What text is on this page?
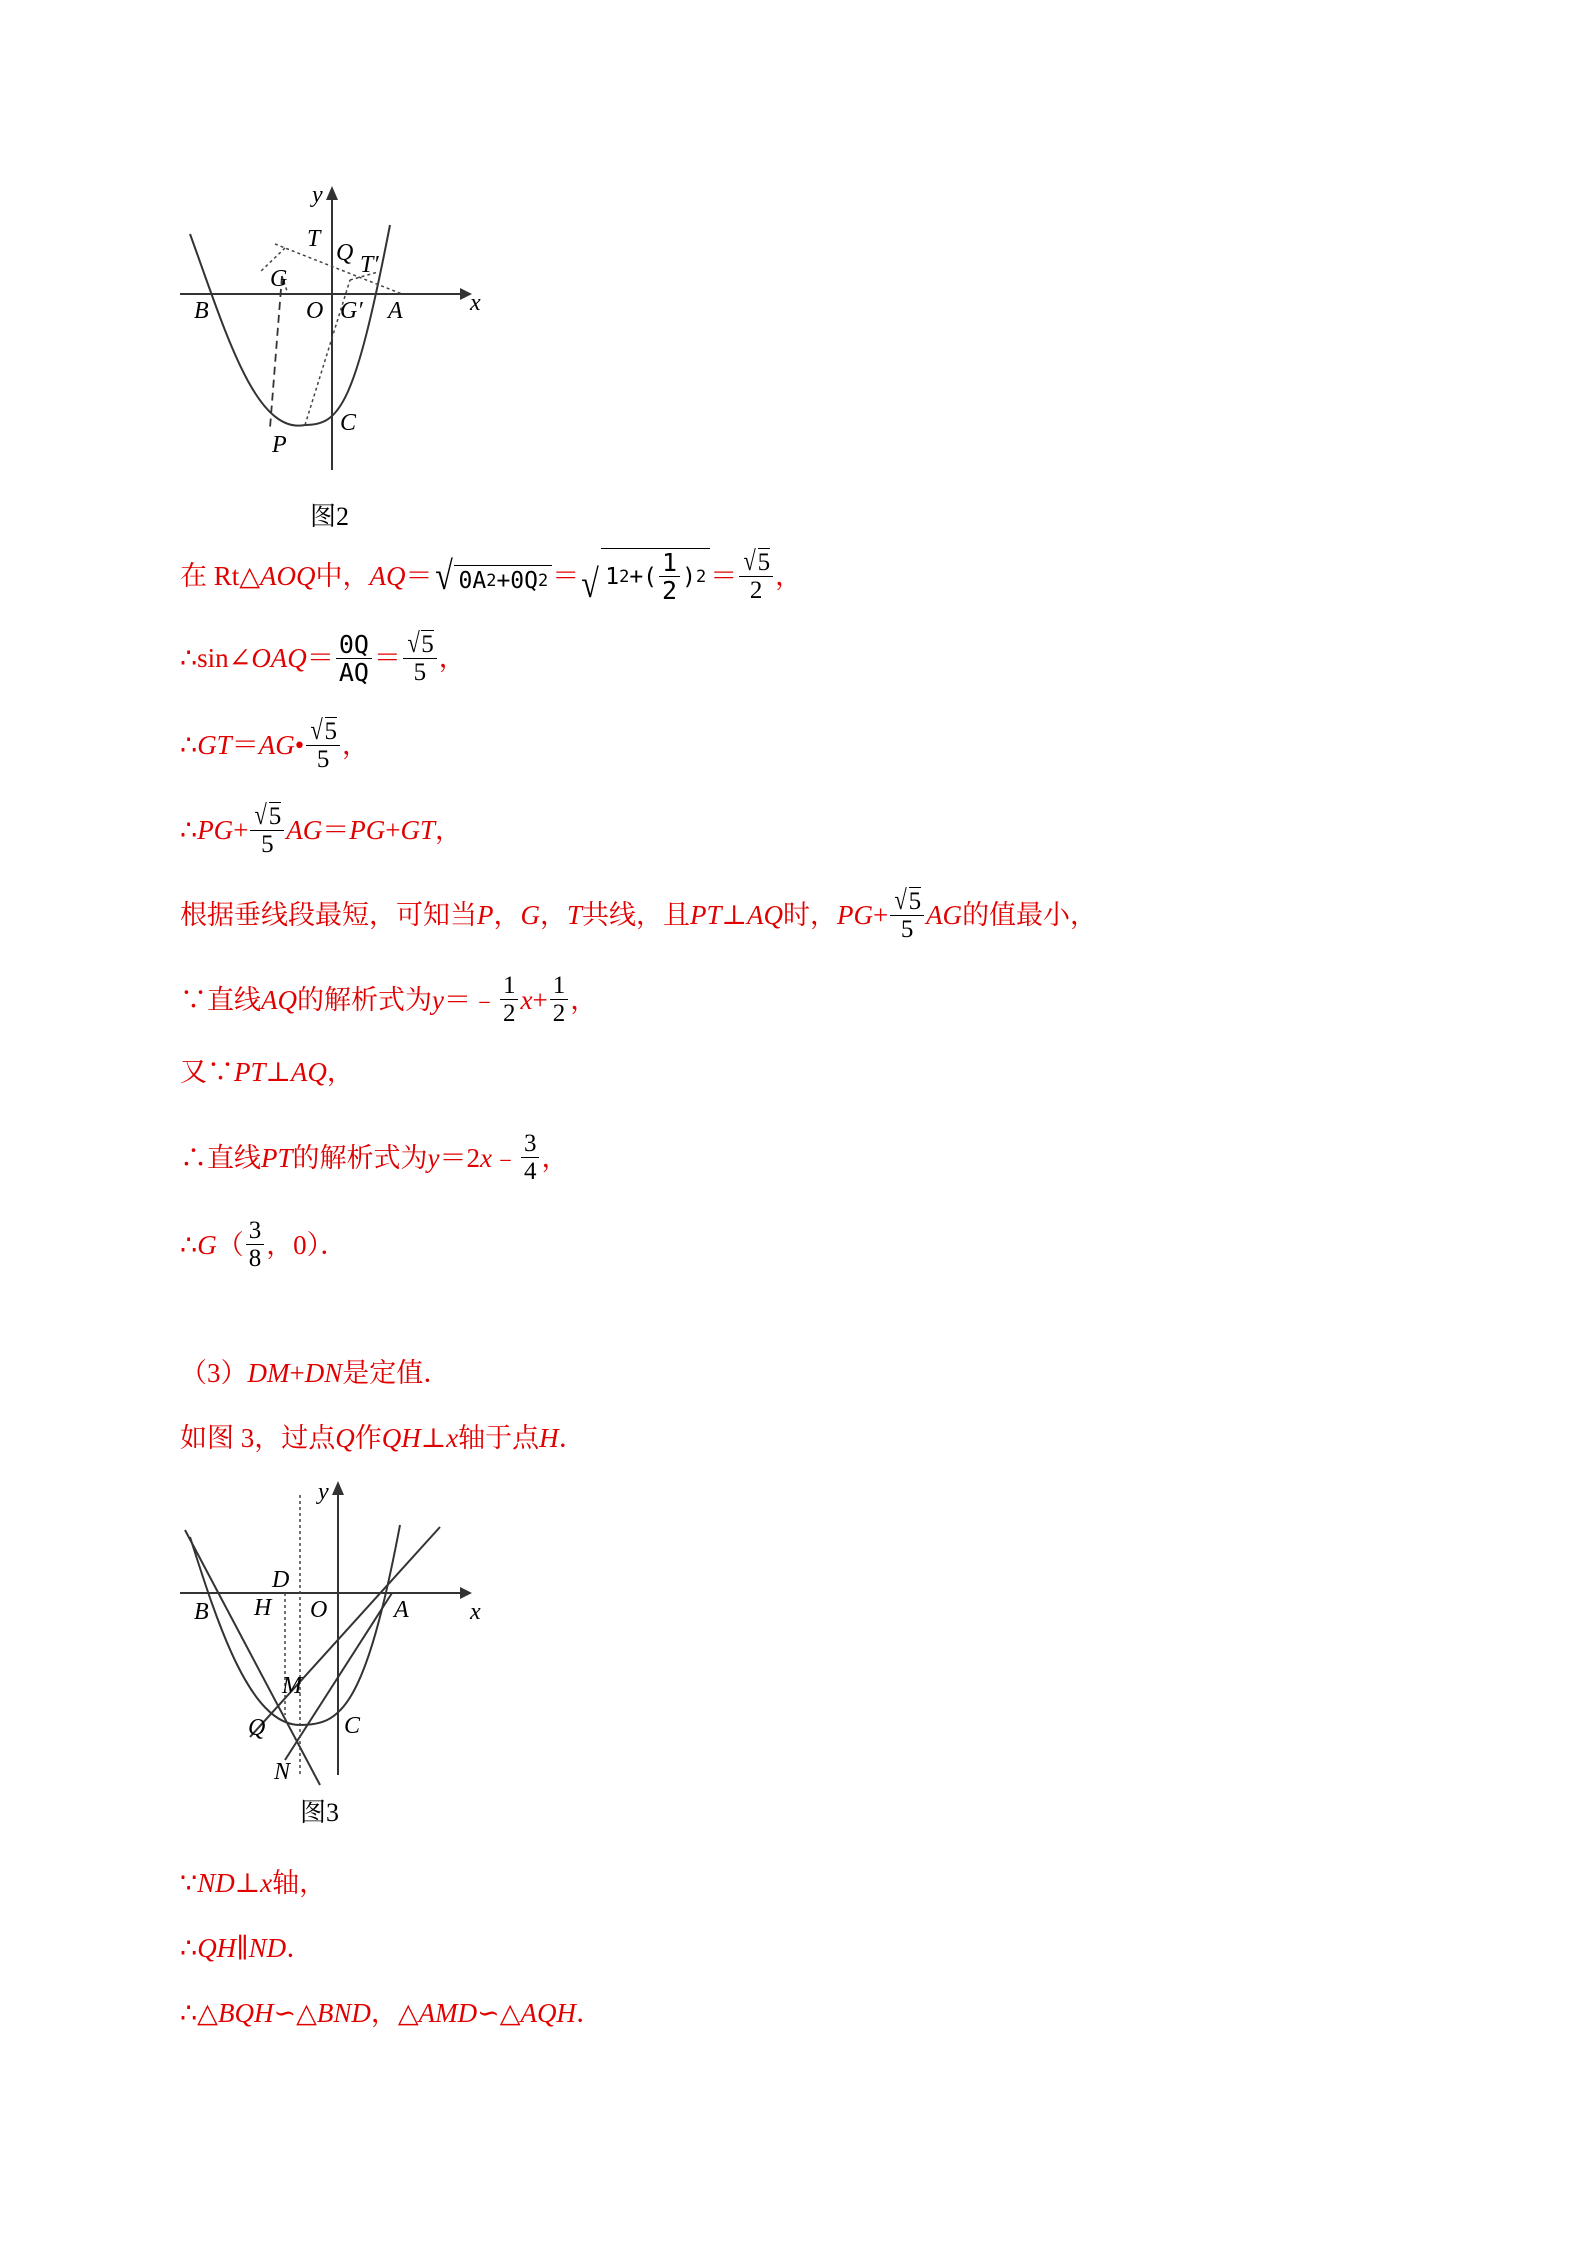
y
x
T
Q T′
G
O G′ A
B
C
P
图2
在 Rt△ AOQ 中， AQ ＝ √ 0A 2 + 0Q 2 ＝ √ 1 2 +( $\frac{1}{2}$ ) $2 = \frac{√ 5}{2}$ ，
∴sin∠ OAQ ＝ $\frac{0Q}{AQ} = \frac{√ 5}{5}$ ，
∴ GT ＝ AG • $\frac{√ 5}{5}$ ，
∴ PG + $\frac{√ 5}{5}$ AG ＝ PG + GT ，
根据垂线段最短，可知当 P ， G ， T 共线，且 PT ⊥ AQ 时， PG + $\frac{√ 5}{5}$ AG 的值最小，
∵直线 AQ 的解析式为 y ＝﹣ $\frac{1}{2}$ $x + \frac{1}{2}$ ，
又∵ PT ⊥ AQ ，
∴直线 PT 的解析式为 y ＝2 x ﹣ $\frac{3}{4}$ ，
∴ G （ $\frac{3}{8}$ ，0）．
（3） DM + DN 是定值．
如图 3，过点 Q 作 QH ⊥ x 轴于点 H ．
y
x
D
B H O	A
M
Q	C
N
图3
∵ ND ⊥ x 轴，
∴ QH ∥ ND ．
∴△ BQH ∽ △ BND ，△ AMD ∽ △ AQH ．
